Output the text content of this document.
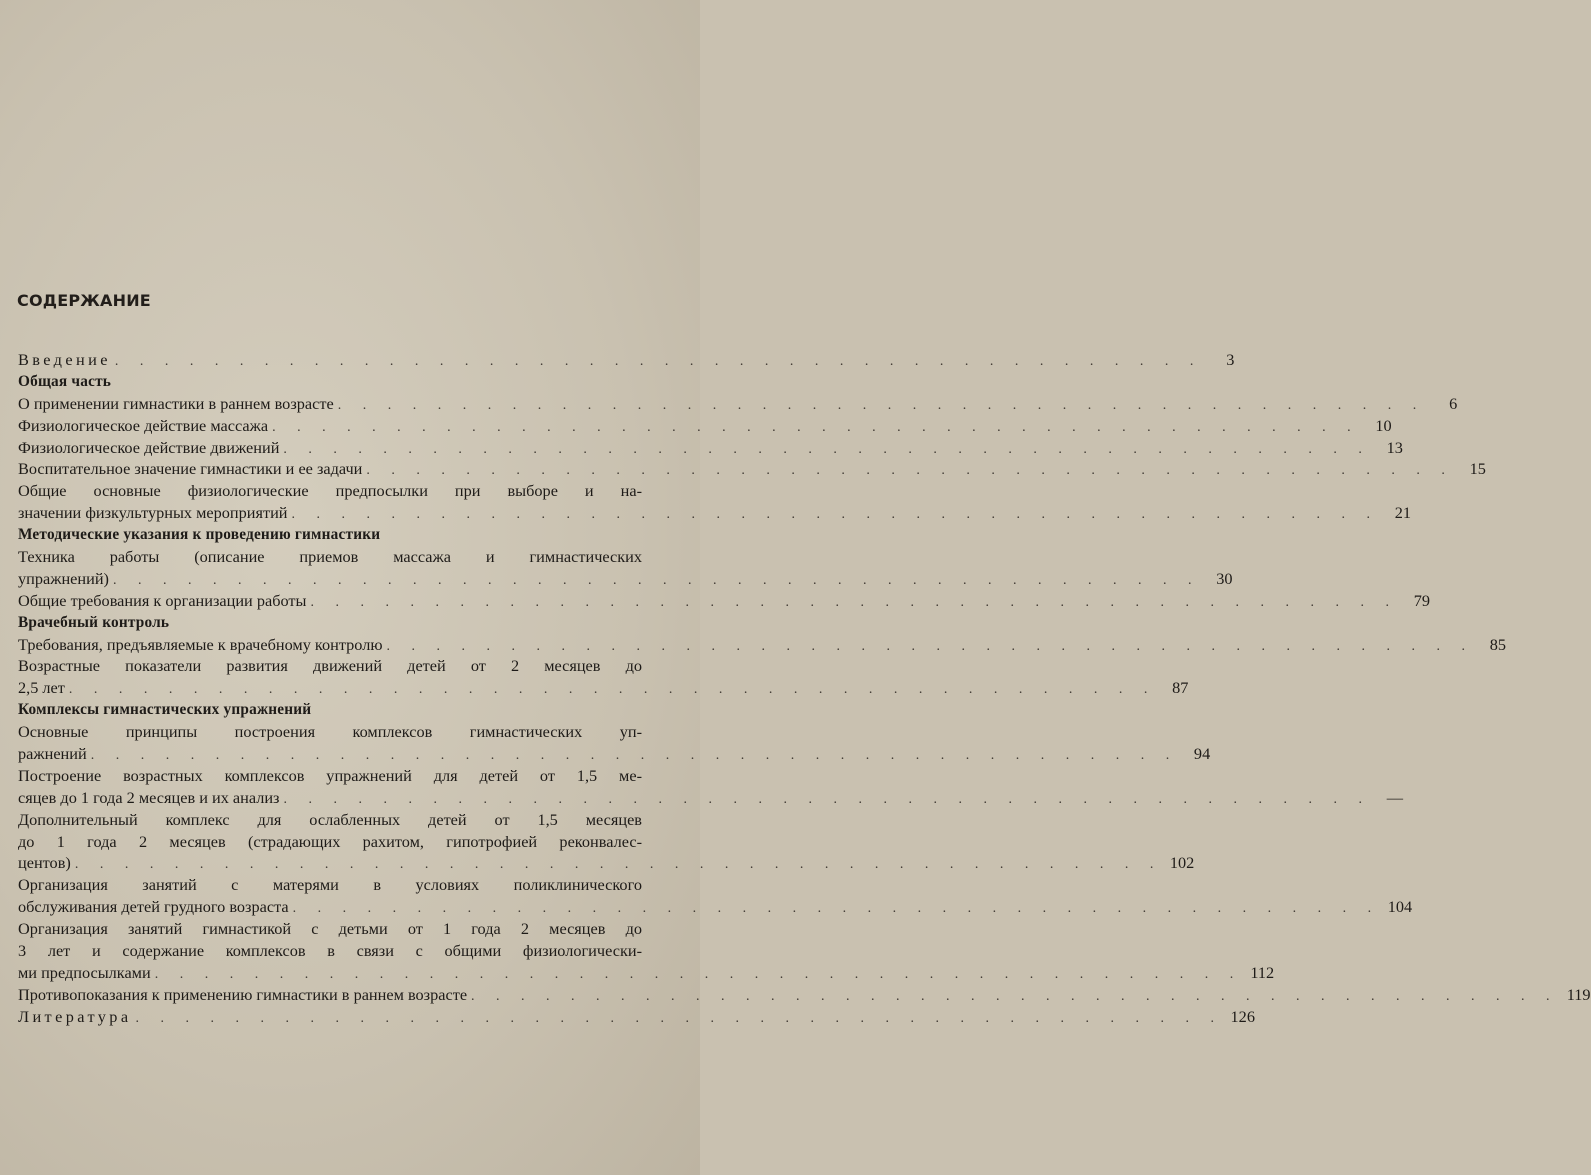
СОДЕРЖАНИЕ
Введение . . . . . . . . . . . . . . . . . . . . . . . . . . . . . . . . . . . . . . . . . . . .	3
Общая часть
О применении гимнастики в раннем возрасте . . . . . . . . . . . . . . . . . . . . . . . . . . . . . . . . . . . . . . . . . . . .	6
Физиологическое действие массажа . . . . . . . . . . . . . . . . . . . . . . . . . . . . . . . . . . . . . . . . . . . . 10
Физиологическое действие движений . . . . . . . . . . . . . . . . . . . . . . . . . . . . . . . . . . . . . . . . . . . . 13
Воспитательное значение гимнастики и ее задачи . . . . . . . . . . . . . . . . . . . . . . . . . . . . . . . . . . . . . . . . . . . . 15
Общие основные физиологические предпосылки при выборе и на-
значении физкультурных мероприятий . . . . . . . . . . . . . . . . . . . . . . . . . . . . . . . . . . . . . . . . . . . . 21
Методические указания к проведению гимнастики
Техника работы (описание приемов массажа и гимнастических
упражнений) . . . . . . . . . . . . . . . . . . . . . . . . . . . . . . . . . . . . . . . . . . . . 30
Общие требования к организации работы . . . . . . . . . . . . . . . . . . . . . . . . . . . . . . . . . . . . . . . . . . . . 79
Врачебный контроль
Требования, предъявляемые к врачебному контролю . . . . . . . . . . . . . . . . . . . . . . . . . . . . . . . . . . . . . . . . . . . . 85
Возрастные показатели развития движений детей от 2 месяцев до
2,5 лет . . . . . . . . . . . . . . . . . . . . . . . . . . . . . . . . . . . . . . . . . . . . 87
Комплексы гимнастических упражнений
Основные принципы построения комплексов гимнастических уп-
ражнений . . . . . . . . . . . . . . . . . . . . . . . . . . . . . . . . . . . . . . . . . . . . 94
Построение возрастных комплексов упражнений для детей от 1,5 ме-
сяцев до 1 года 2 месяцев и их анализ . . . . . . . . . . . . . . . . . . . . . . . . . . . . . . . . . . . . . . . . . . . . —
Дополнительный комплекс для ослабленных детей от 1,5 месяцев
до 1 года 2 месяцев (страдающих рахитом, гипотрофией реконвалес-
центов) . . . . . . . . . . . . . . . . . . . . . . . . . . . . . . . . . . . . . . . . . . . . 102
Организация занятий с матерями в условиях поликлинического
обслуживания детей грудного возраста . . . . . . . . . . . . . . . . . . . . . . . . . . . . . . . . . . . . . . . . . . . . 104
Организация занятий гимнастикой с детьми от 1 года 2 месяцев до
3 лет и содержание комплексов в связи с общими физиологически-
ми предпосылками . . . . . . . . . . . . . . . . . . . . . . . . . . . . . . . . . . . . . . . . . . . . 112
Противопоказания к применению гимнастики в раннем возрасте . . . . . . . . . . . . . . . . . . . . . . . . . . . . . . . . . . . . . . . . . . . . 119
Литература . . . . . . . . . . . . . . . . . . . . . . . . . . . . . . . . . . . . . . . . . . . . 126
